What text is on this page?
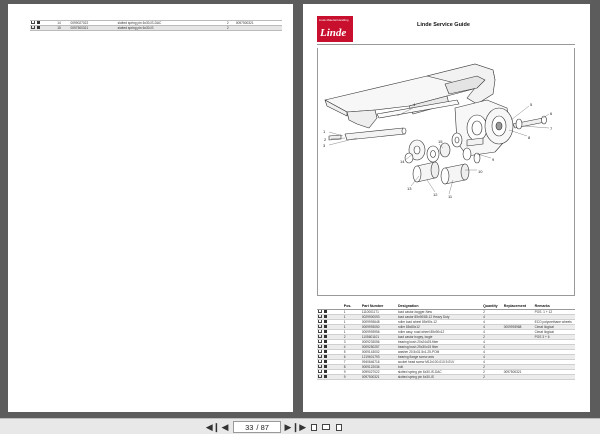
	14	0099027022	slotted spring pin 6x30-IS-DAC	2	0097500321
	15	0097500321	slotted spring pin 6x30-IS	2	
Linde Material Handling
Linde
Linde Service Guide
1
2
3
4	5
6
7
8
9
10
11
12
13
14
15
	Pos.	Part Number	Designation	Quantity	Replacement	Remarks
	1	1110001171	load castor-bogger-New	2		POS. 1 + 12
	1	0029900093	load castor 85x90/85-12 Heavy Duty	4		
	1	0009993648	roller load wheel 85x90x-12	4		ECO polyurethane wheels
	1	0009993050	roller 85x80x12	4	0009993988	Cimat Ilogical
	1	0009993956	roller assy. road wheel 85x90x12	4		Cimat Ilogical
	2	1105601101	load castor bogey, bogie	2		POS 3 + 6
	3	0009233056	bearing bush 20x24x25-fiber	4		
	4	0009250257	bearing bush 25x30x15 fiber	4		
	5	0009143002	washer 20.5x31.5x1.25-POM	4		
	6	1219601793	bearing flange screw axis	4		
	7	0940646716	socket head screw M12x100-010.9-ELV	4		
	8	0009122036	bolt	2		
	9	0099027022	slotted spring pin 6x30-IS-DAC	2	0097500321	
	9	0097500321	slotted spring pin 6x30-IS	2		
◀❙ ◀ 33 / 87 ▶ ❙▶
